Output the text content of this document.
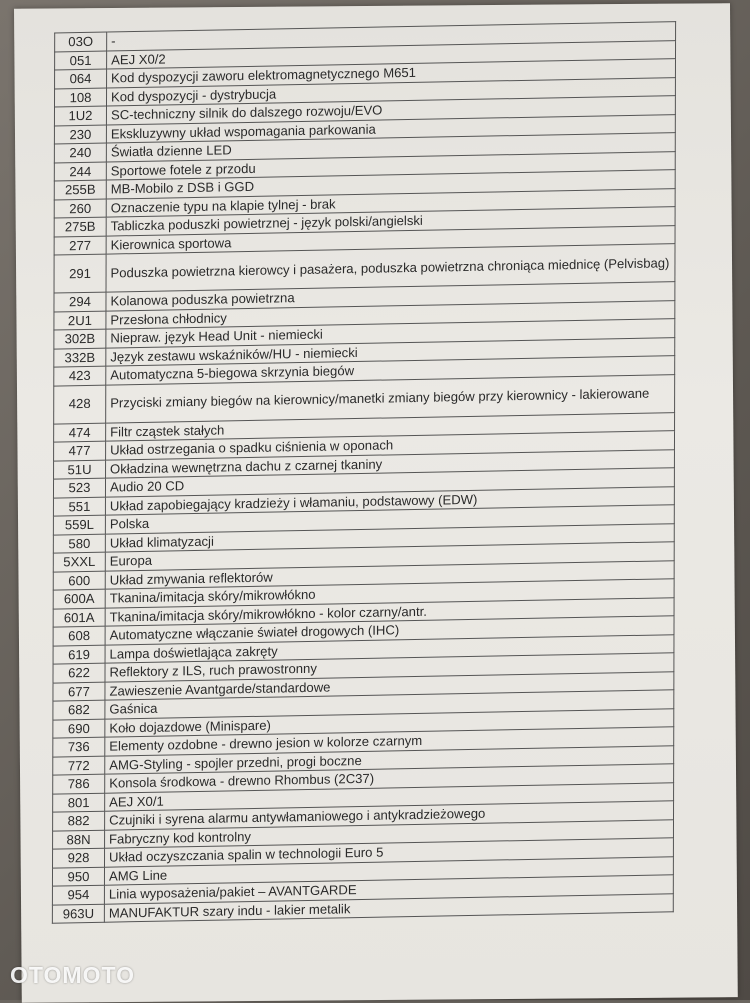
03O	-
051	AEJ X0/2
064	Kod dyspozycji zaworu elektromagnetycznego M651
108	Kod dyspozycji - dystrybucja
1U2	SC-techniczny silnik do dalszego rozwoju/EVO
230	Ekskluzywny układ wspomagania parkowania
240	Światła dzienne LED
244	Sportowe fotele z przodu
255B	MB-Mobilo z DSB i GGD
260	Oznaczenie typu na klapie tylnej - brak
275B	Tabliczka poduszki powietrznej - język polski/angielski
277	Kierownica sportowa
291	Poduszka powietrzna kierowcy i pasażera, poduszka powietrzna chroniąca miednicę (Pelvisbag)
294	Kolanowa poduszka powietrzna
2U1	Przesłona chłodnicy
302B	Niepraw. język Head Unit - niemiecki
332B	Język zestawu wskaźników/HU - niemiecki
423	Automatyczna 5-biegowa skrzynia biegów
428	Przyciski zmiany biegów na kierownicy/manetki zmiany biegów przy kierownicy - lakierowane
474	Filtr cząstek stałych
477	Układ ostrzegania o spadku ciśnienia w oponach
51U	Okładzina wewnętrzna dachu z czarnej tkaniny
523	Audio 20 CD
551	Układ zapobiegający kradzieży i włamaniu, podstawowy (EDW)
559L	Polska
580	Układ klimatyzacji
5XXL	Europa
600	Układ zmywania reflektorów
600A	Tkanina/imitacja skóry/mikrowłókno
601A	Tkanina/imitacja skóry/mikrowłókno - kolor czarny/antr.
608	Automatyczne włączanie świateł drogowych (IHC)
619	Lampa doświetlająca zakręty
622	Reflektory z ILS, ruch prawostronny
677	Zawieszenie Avantgarde/standardowe
682	Gaśnica
690	Koło dojazdowe (Minispare)
736	Elementy ozdobne - drewno jesion w kolorze czarnym
772	AMG-Styling - spojler przedni, progi boczne
786	Konsola środkowa - drewno Rhombus (2C37)
801	AEJ X0/1
882	Czujniki i syrena alarmu antywłamaniowego i antykradzieżowego
88N	Fabryczny kod kontrolny
928	Układ oczyszczania spalin w technologii Euro 5
950	AMG Line
954	Linia wyposażenia/pakiet – AVANTGARDE
963U	MANUFAKTUR szary indu - lakier metalik
OTOMOTO
